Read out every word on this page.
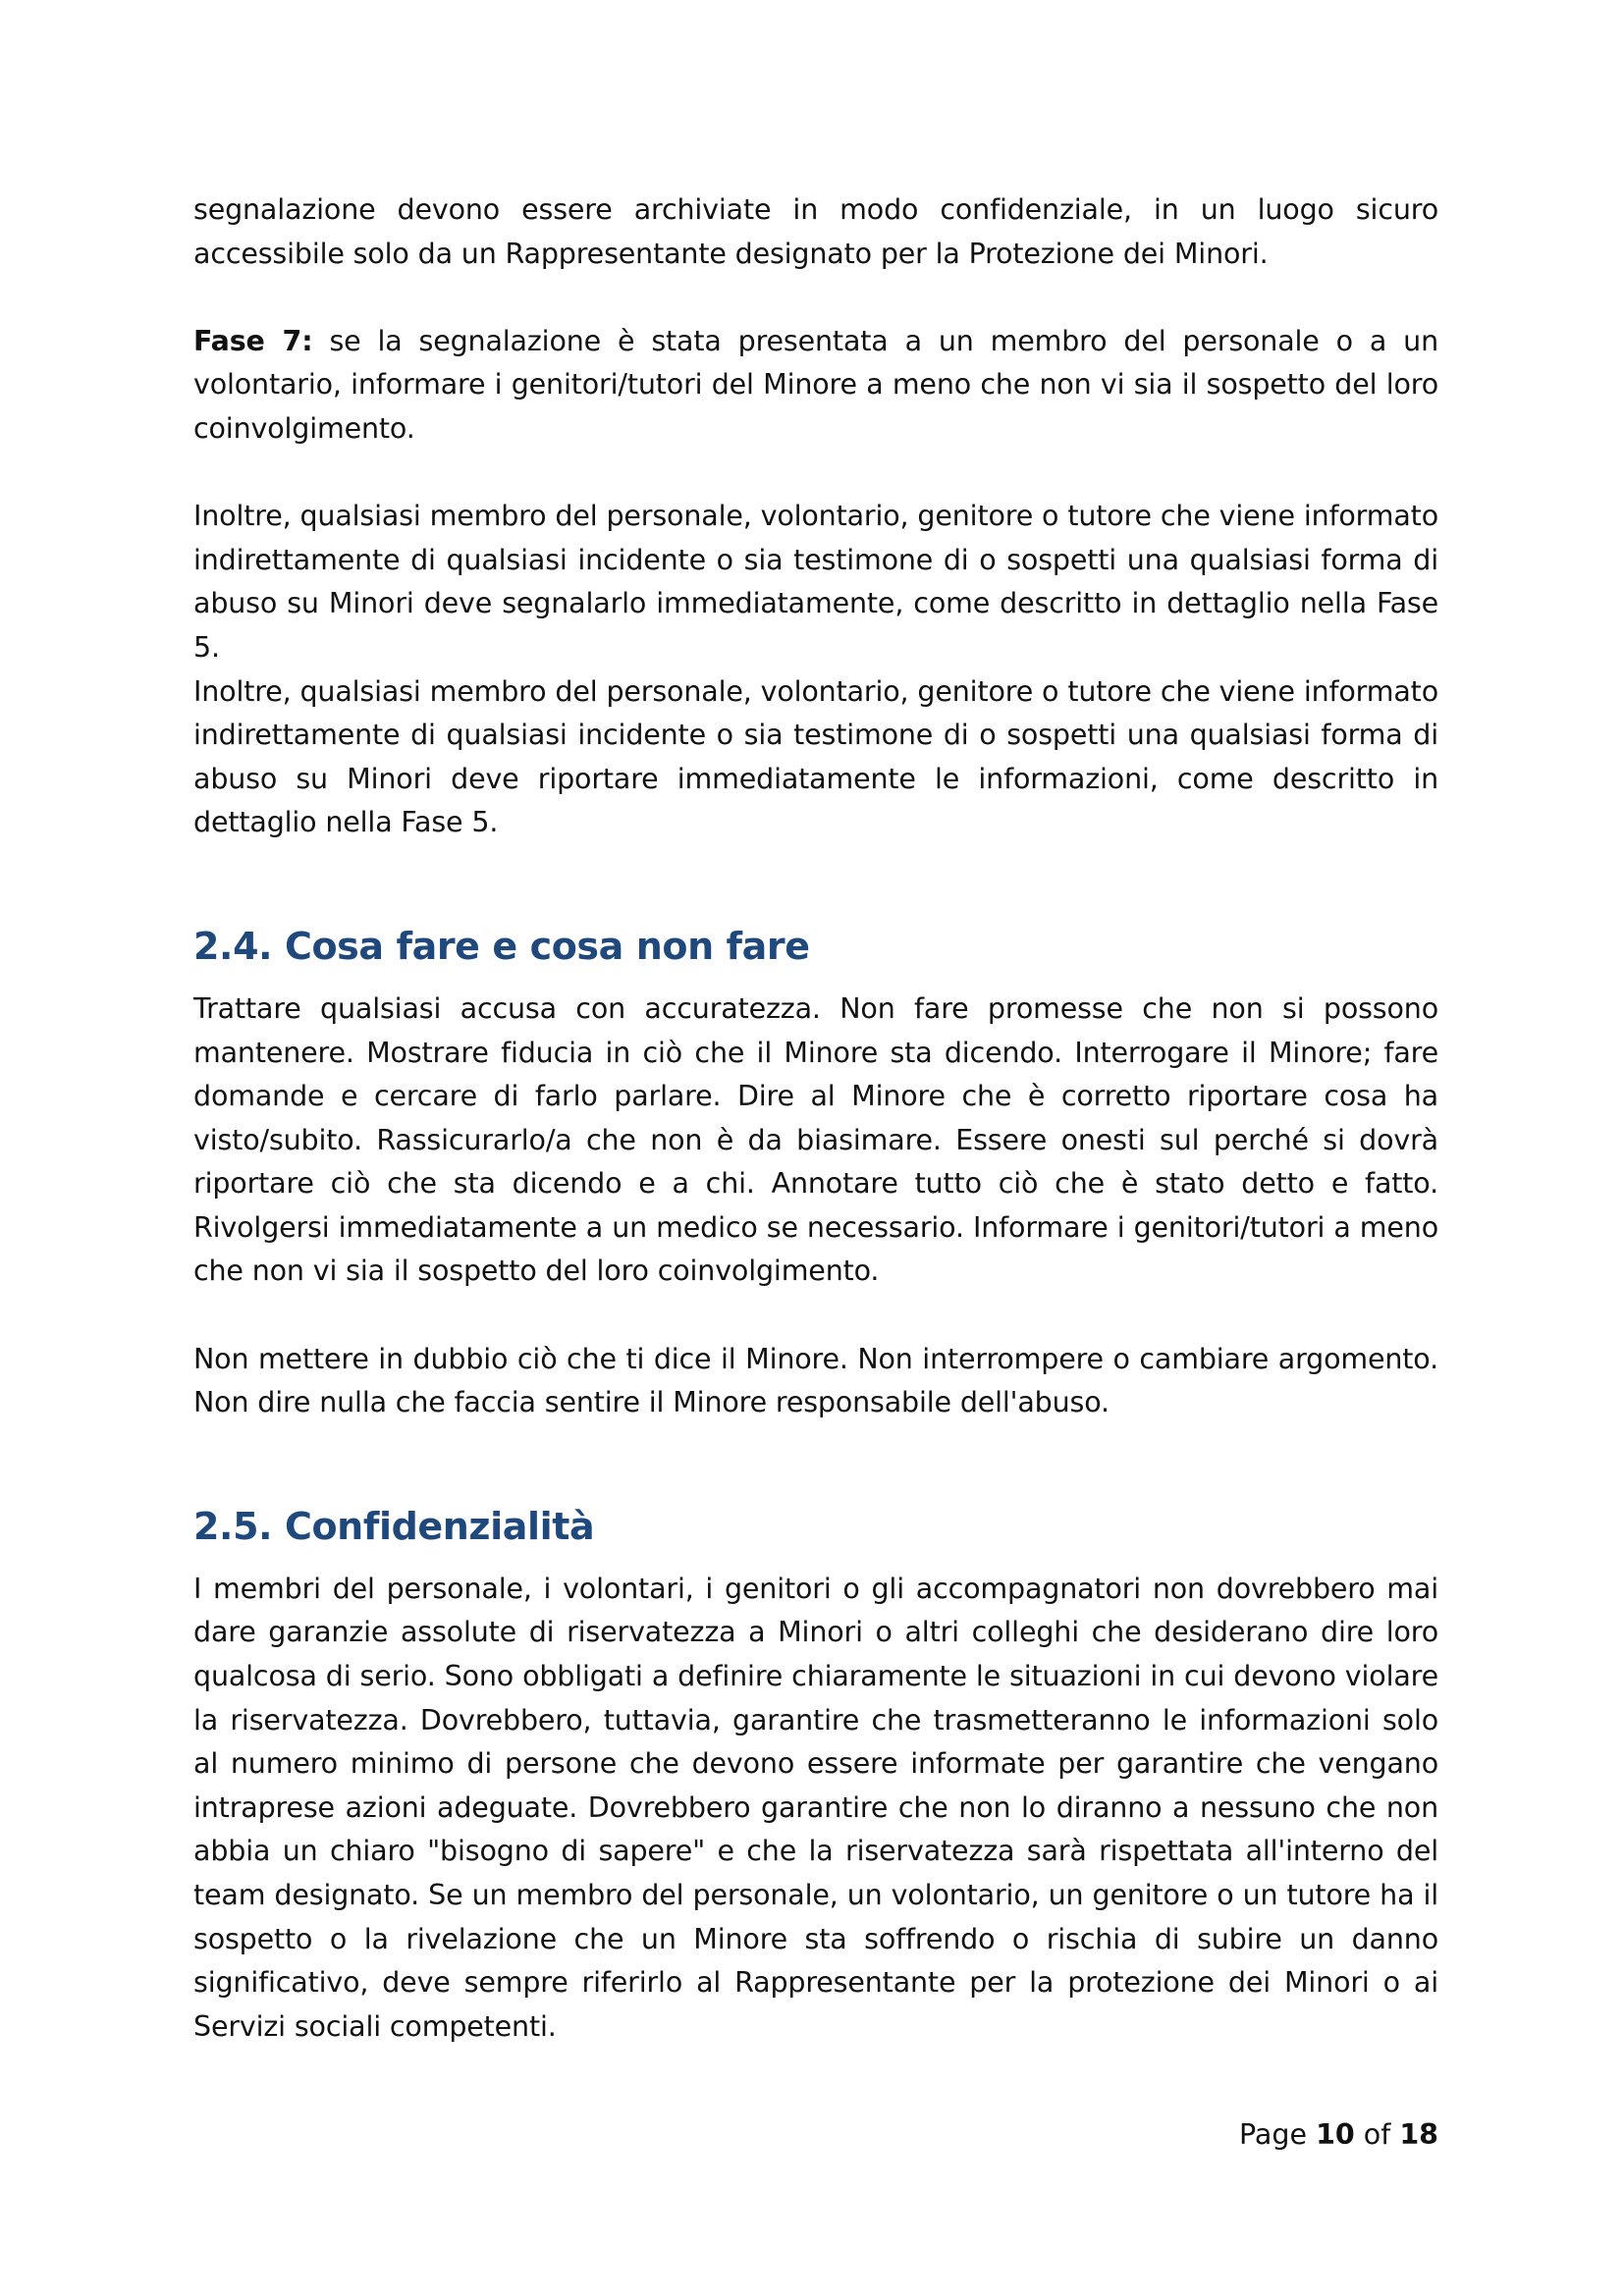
segnalazione devono essere archiviate in modo confidenziale, in un luogo sicuro accessibile solo da un Rappresentante designato per la Protezione dei Minori.

Fase 7: se la segnalazione è stata presentata a un membro del personale o a un volontario, informare i genitori/tutori del Minore a meno che non vi sia il sospetto del loro coinvolgimento.

Inoltre, qualsiasi membro del personale, volontario, genitore o tutore che viene informato indirettamente di qualsiasi incidente o sia testimone di o sospetti una qualsiasi forma di abuso su Minori deve segnalarlo immediatamente, come descritto in dettaglio nella Fase 5.

Inoltre, qualsiasi membro del personale, volontario, genitore o tutore che viene informato indirettamente di qualsiasi incidente o sia testimone di o sospetti una qualsiasi forma di abuso su Minori deve riportare immediatamente le informazioni, come descritto in dettaglio nella Fase 5.

2.4. Cosa fare e cosa non fare

Trattare qualsiasi accusa con accuratezza. Non fare promesse che non si possono mantenere. Mostrare fiducia in ciò che il Minore sta dicendo. Interrogare il Minore; fare domande e cercare di farlo parlare. Dire al Minore che è corretto riportare cosa ha visto/subito. Rassicurarlo/a che non è da biasimare. Essere onesti sul perché si dovrà riportare ciò che sta dicendo e a chi. Annotare tutto ciò che è stato detto e fatto. Rivolgersi immediatamente a un medico se necessario. Informare i genitori/tutori a meno che non vi sia il sospetto del loro coinvolgimento.

Non mettere in dubbio ciò che ti dice il Minore. Non interrompere o cambiare argomento. Non dire nulla che faccia sentire il Minore responsabile dell'abuso.

2.5. Confidenzialità

I membri del personale, i volontari, i genitori o gli accompagnatori non dovrebbero mai dare garanzie assolute di riservatezza a Minori o altri colleghi che desiderano dire loro qualcosa di serio. Sono obbligati a definire chiaramente le situazioni in cui devono violare la riservatezza. Dovrebbero, tuttavia, garantire che trasmetteranno le informazioni solo al numero minimo di persone che devono essere informate per garantire che vengano intraprese azioni adeguate. Dovrebbero garantire che non lo diranno a nessuno che non abbia un chiaro "bisogno di sapere" e che la riservatezza sarà rispettata all'interno del team designato. Se un membro del personale, un volontario, un genitore o un tutore ha il sospetto o la rivelazione che un Minore sta soffrendo o rischia di subire un danno significativo, deve sempre riferirlo al Rappresentante per la protezione dei Minori o ai Servizi sociali competenti.

Page 10 of 18
